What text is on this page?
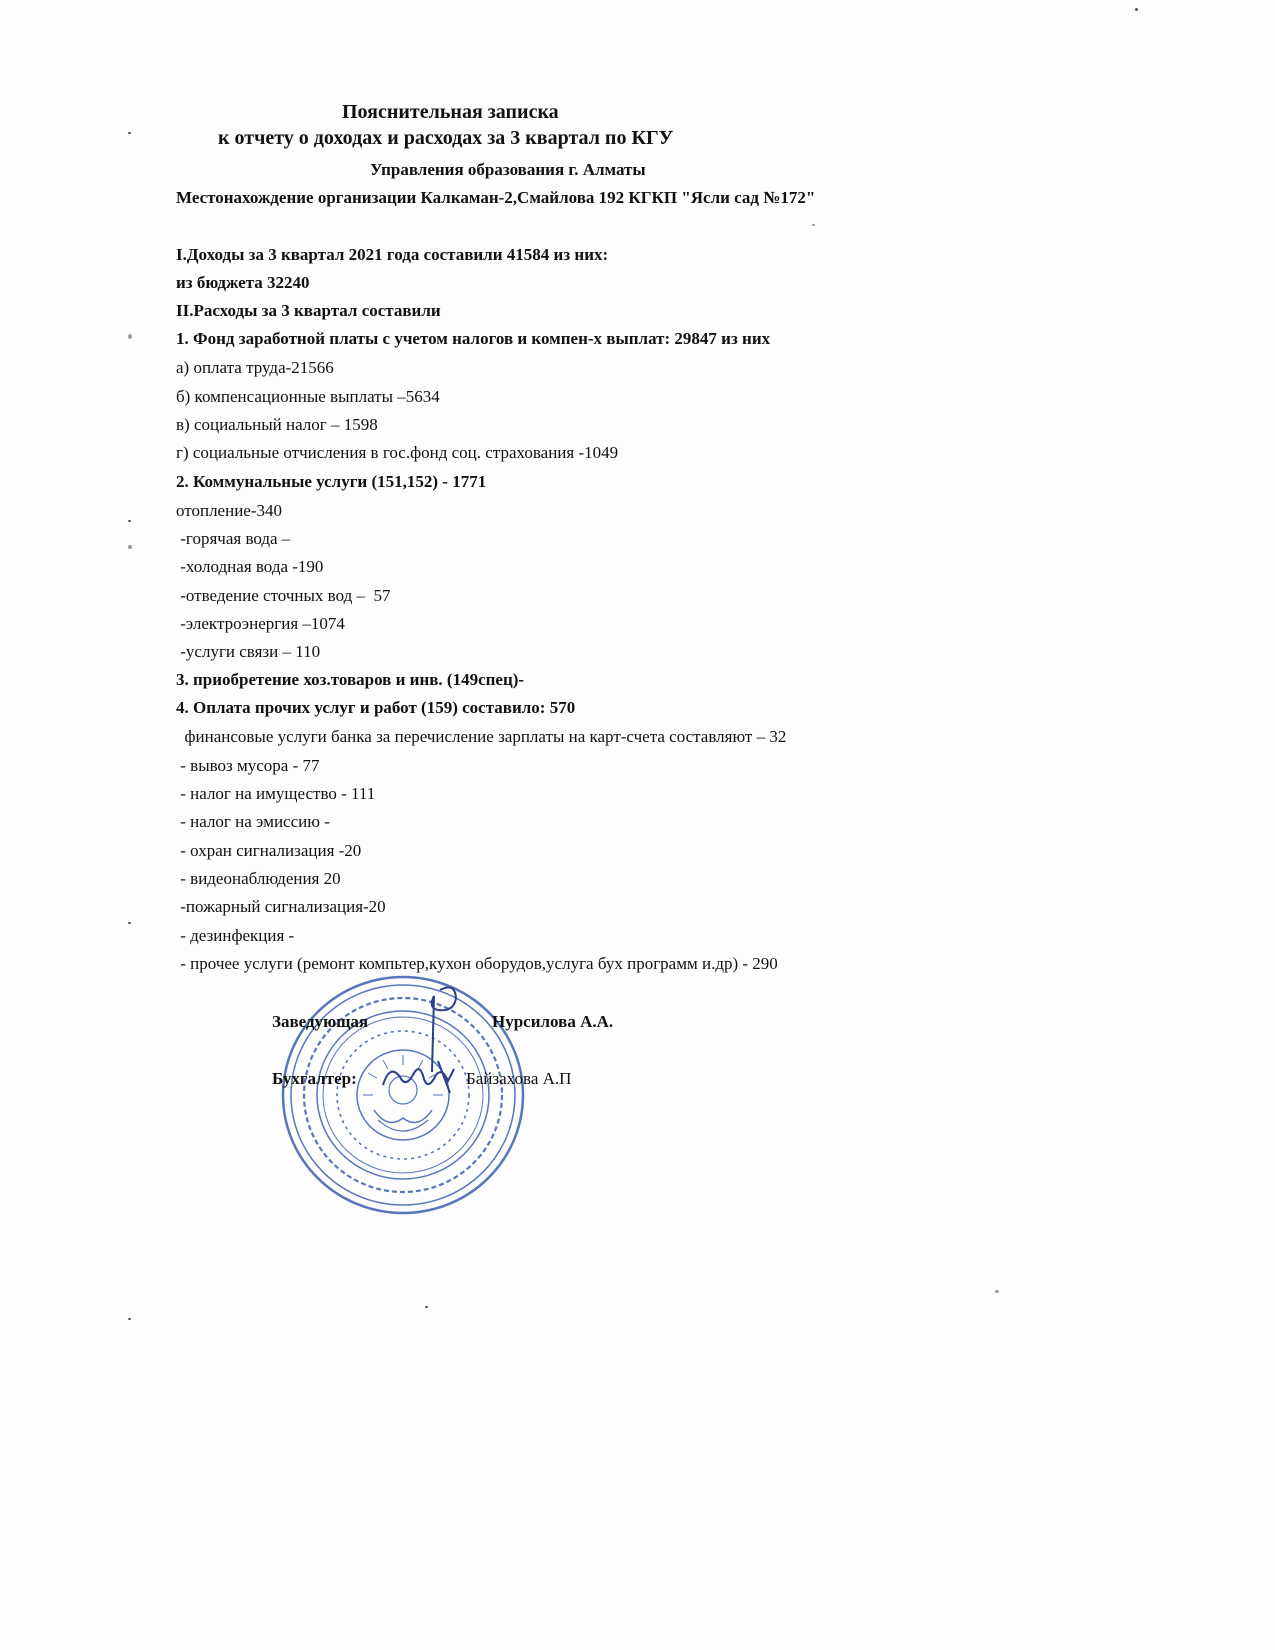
Пояснительная записка
к отчету о доходах и расходах за 3 квартал по КГУ
Управления образования г. Алматы
Местонахождение организации Калкаман-2,Смайлова 192 КГКП "Ясли сад №172"
I.Доходы за 3 квартал 2021 года составили 41584 из них:
из бюджета 32240
II.Расходы за 3 квартал составили
1. Фонд заработной платы с учетом налогов и компен-х выплат: 29847 из них
а) оплата труда-21566
б) компенсационные выплаты –5634
в) социальный налог – 1598
г) социальные отчисления в гос.фонд соц. страхования -1049
2. Коммунальные услуги (151,152) - 1771
отопление-340
-горячая вода –
-холодная вода -190
-отведение сточных вод –  57
-электроэнергия –1074
-услуги связи – 110
3. приобретение хоз.товаров и инв. (149спец)-
4. Оплата прочих услуг и работ (159) составило: 570
финансовые услуги банка за перечисление зарплаты на карт-счета составляют – 32
- вывоз мусора - 77
- налог на имущество - 111
- налог на эмиссию -
- охран сигнализация -20
- видеонаблюдения 20
-пожарный сигнализация-20
- дезинфекция -
- прочее услуги (ремонт компьтер,кухон оборудов,услуга бух программ и.др) - 290
Заведующая	Нурсилова А.А.
Бухгалтер:	Байзахова А.П
